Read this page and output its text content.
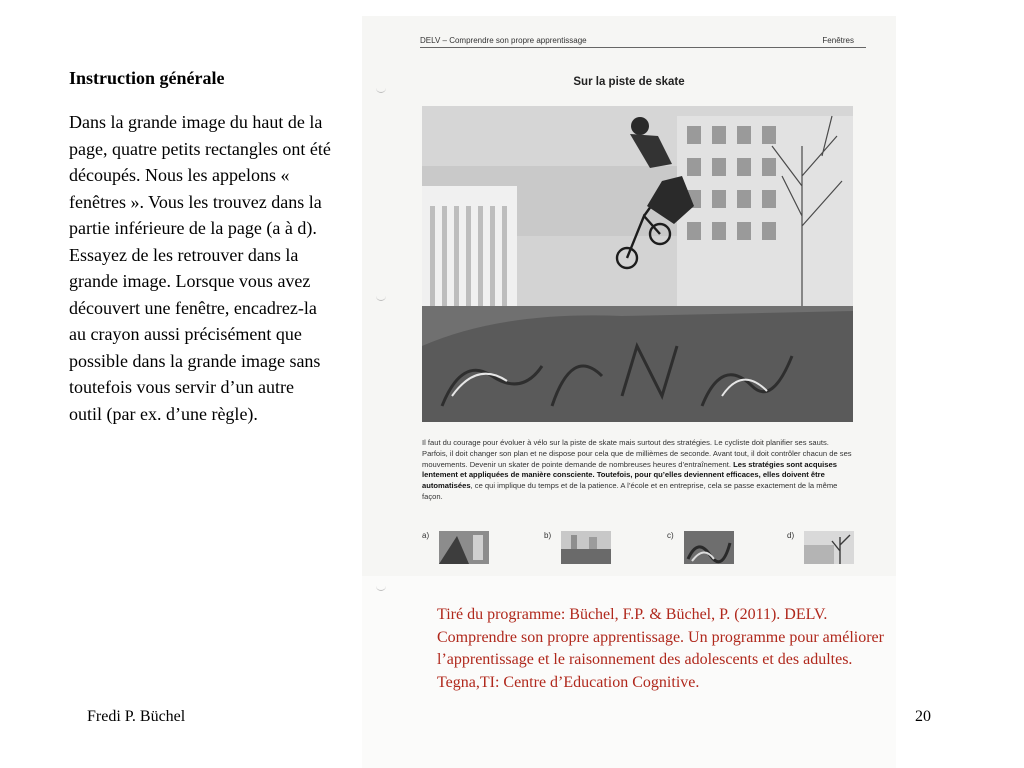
Instruction générale
Dans la grande image du haut de la page, quatre petits rectangles ont été découpés. Nous les appelons « fenêtres ». Vous les trouvez dans la partie inférieure de la page (a à d). Essayez de les retrouver dans la grande image. Lorsque vous avez découvert une fenêtre, encadrez-la au crayon aussi précisément que possible dans la grande image sans toutefois vous servir d’un autre outil (par ex. d’une règle).
DELV – Comprendre son propre apprentissage	Fenêtres
Sur la piste de skate
Il faut du courage pour évoluer à vélo sur la piste de skate mais surtout des stratégies. Le cycliste doit planifier ses sauts. Parfois, il doit changer son plan et ne dispose pour cela que de millièmes de seconde. Avant tout, il doit contrôler chacun de ses mouvements. Devenir un skater de pointe demande de nombreuses heures d’entraînement. Les stratégies sont acquises lentement et appliquées de manière consciente. Toutefois, pour qu’elles deviennent efficaces, elles doivent être automatisées, ce qui implique du temps et de la patience. A l’école et en entreprise, cela se passe exactement de la même façon.
a)	b)	c)	d)
Tiré du programme: Büchel, F.P. & Büchel, P. (2011). DELV. Comprendre son propre apprentissage. Un programme pour améliorer l’apprentissage et le raisonnement des adolescents et des adultes. Tegna,TI: Centre d’Education Cognitive.
Fredi P. Büchel	20
